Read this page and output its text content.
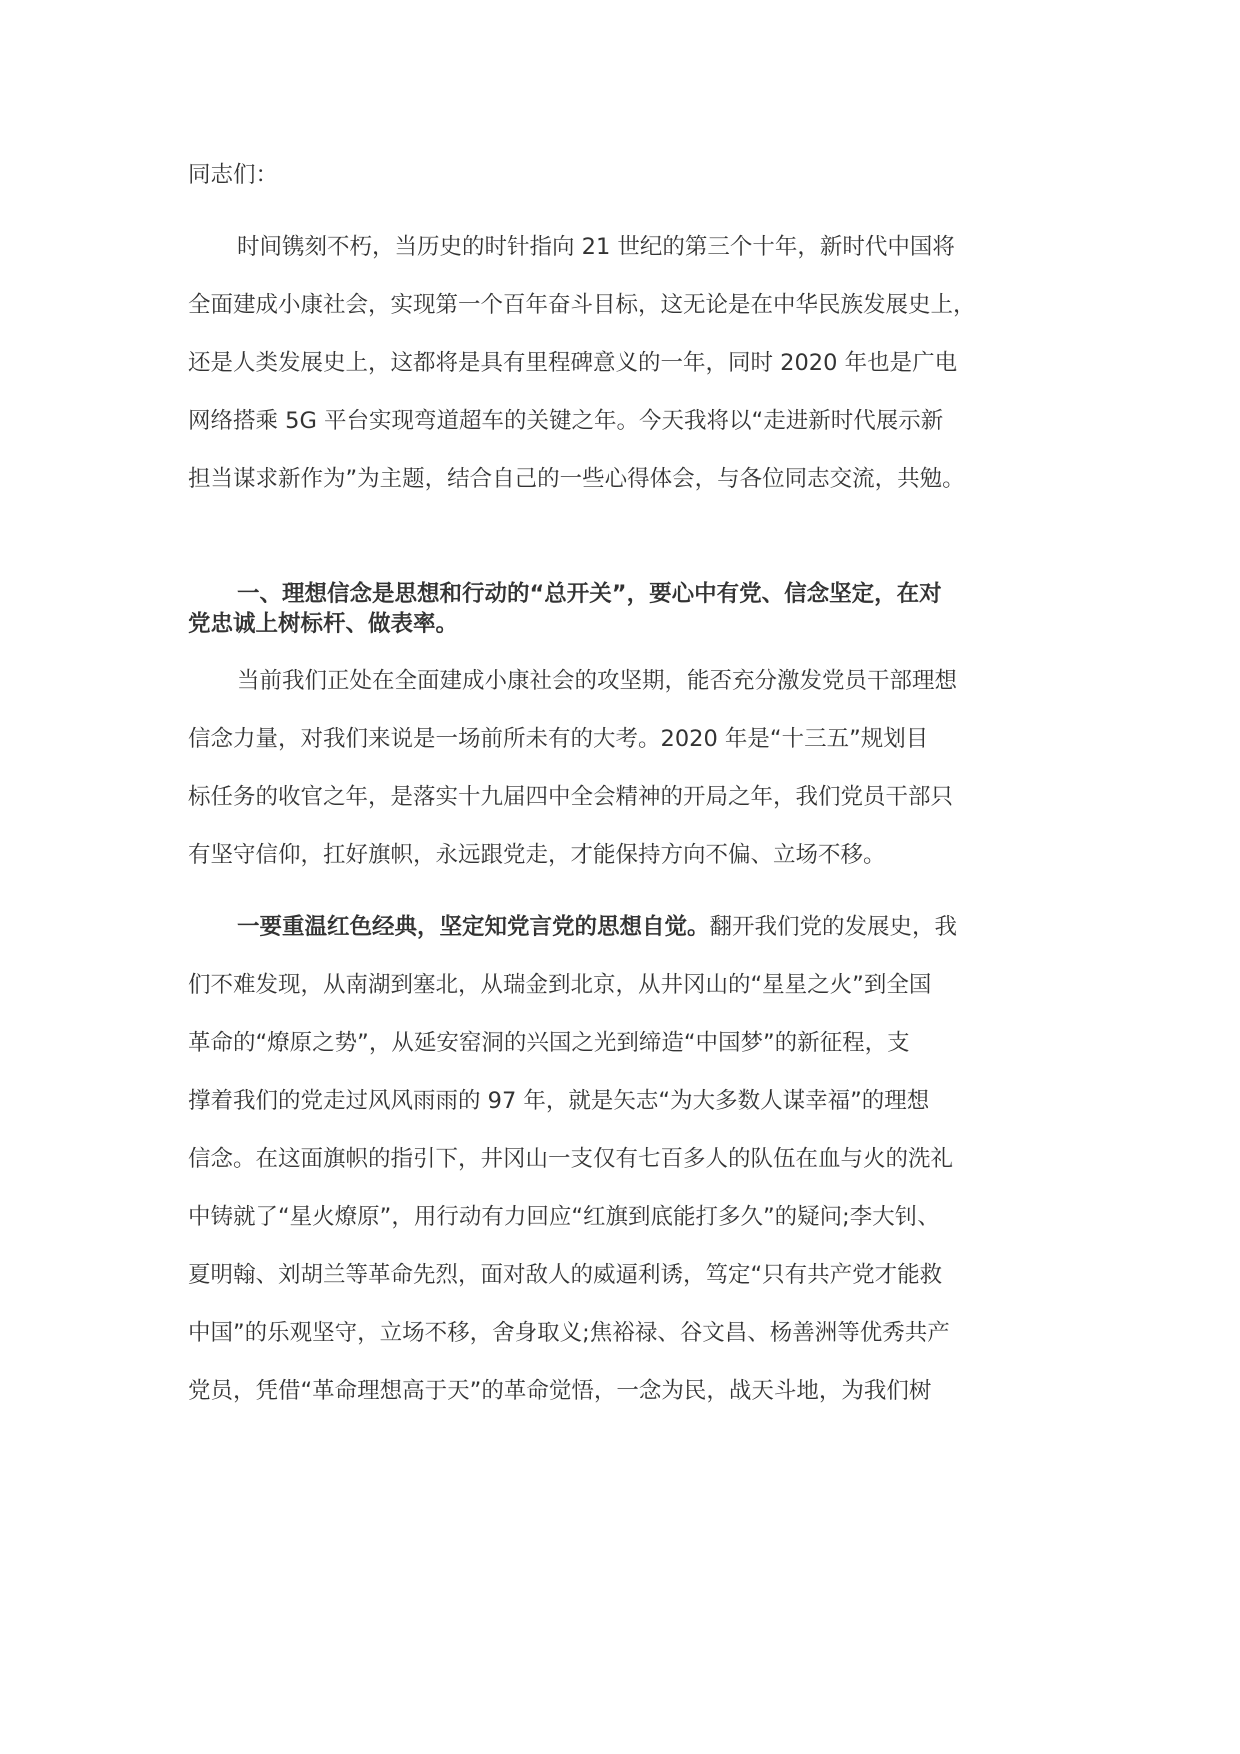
同志们：
时间镌刻不朽，当历史的时针指向 21 世纪的第三个十年，新时代中国将
全面建成小康社会，实现第一个百年奋斗目标，这无论是在中华民族发展史上，
还是人类发展史上，这都将是具有里程碑意义的一年，同时 2020 年也是广电
网络搭乘 5G 平台实现弯道超车的关键之年。今天我将以“走进新时代展示新
担当谋求新作为”为主题，结合自己的一些心得体会，与各位同志交流，共勉。
一、理想信念是思想和行动的“总开关”，要心中有党、信念坚定，在对
党忠诚上树标杆、做表率。
当前我们正处在全面建成小康社会的攻坚期，能否充分激发党员干部理想
信念力量，对我们来说是一场前所未有的大考。2020 年是“十三五”规划目
标任务的收官之年，是落实十九届四中全会精神的开局之年，我们党员干部只
有坚守信仰，扛好旗帜，永远跟党走，才能保持方向不偏、立场不移。
一要重温红色经典，坚定知党言党的思想自觉。翻开我们党的发展史，我
们不难发现，从南湖到塞北，从瑞金到北京，从井冈山的“星星之火”到全国
革命的“燎原之势”，从延安窑洞的兴国之光到缔造“中国梦”的新征程，支
撑着我们的党走过风风雨雨的 97 年，就是矢志“为大多数人谋幸福”的理想
信念。在这面旗帜的指引下，井冈山一支仅有七百多人的队伍在血与火的洗礼
中铸就了“星火燎原”，用行动有力回应“红旗到底能打多久”的疑问;李大钊、
夏明翰、刘胡兰等革命先烈，面对敌人的威逼利诱，笃定“只有共产党才能救
中国”的乐观坚守，立场不移，舍身取义;焦裕禄、谷文昌、杨善洲等优秀共产
党员，凭借“革命理想高于天”的革命觉悟，一念为民，战天斗地，为我们树
